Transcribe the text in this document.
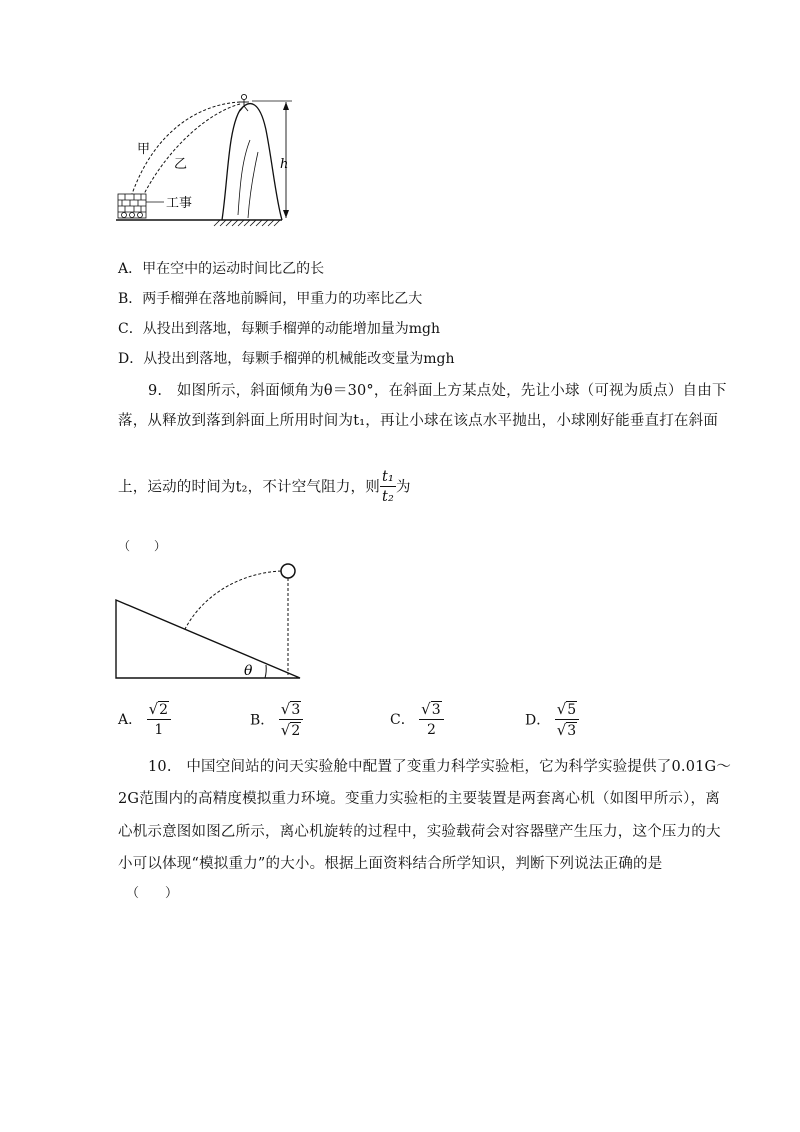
h
甲
乙
工事
A．甲在空中的运动时间比乙的长
B．两手榴弹在落地前瞬间，甲重力的功率比乙大
C．从投出到落地，每颗手榴弹的动能增加量为mgh
D．从投出到落地，每颗手榴弹的机械能改变量为mgh
9.　如图所示，斜面倾角为θ＝30°，在斜面上方某点处，先让小球（可视为质点）自由下
落，从释放到落到斜面上所用时间为t₁，再让小球在该点水平抛出，小球刚好能垂直打在斜面
上，运动的时间为t₂，不计空气阻力，则 $\frac{\text{t₁}}{\text{t₂}}$ 为
（　　）
θ
A． $\frac{√2}{1}$	B． $\frac{√3}{√2}$	C． $\frac{√3}{2}$	D． $\frac{√5}{√3}$
10.　中国空间站的问天实验舱中配置了变重力科学实验柜，它为科学实验提供了0.01G～
2G范围内的高精度模拟重力环境。变重力实验柜的主要装置是两套离心机（如图甲所示），离
心机示意图如图乙所示，离心机旋转的过程中，实验载荷会对容器壁产生压力，这个压力的大
小可以体现“模拟重力”的大小。根据上面资料结合所学知识，判断下列说法正确的是
（　　）
